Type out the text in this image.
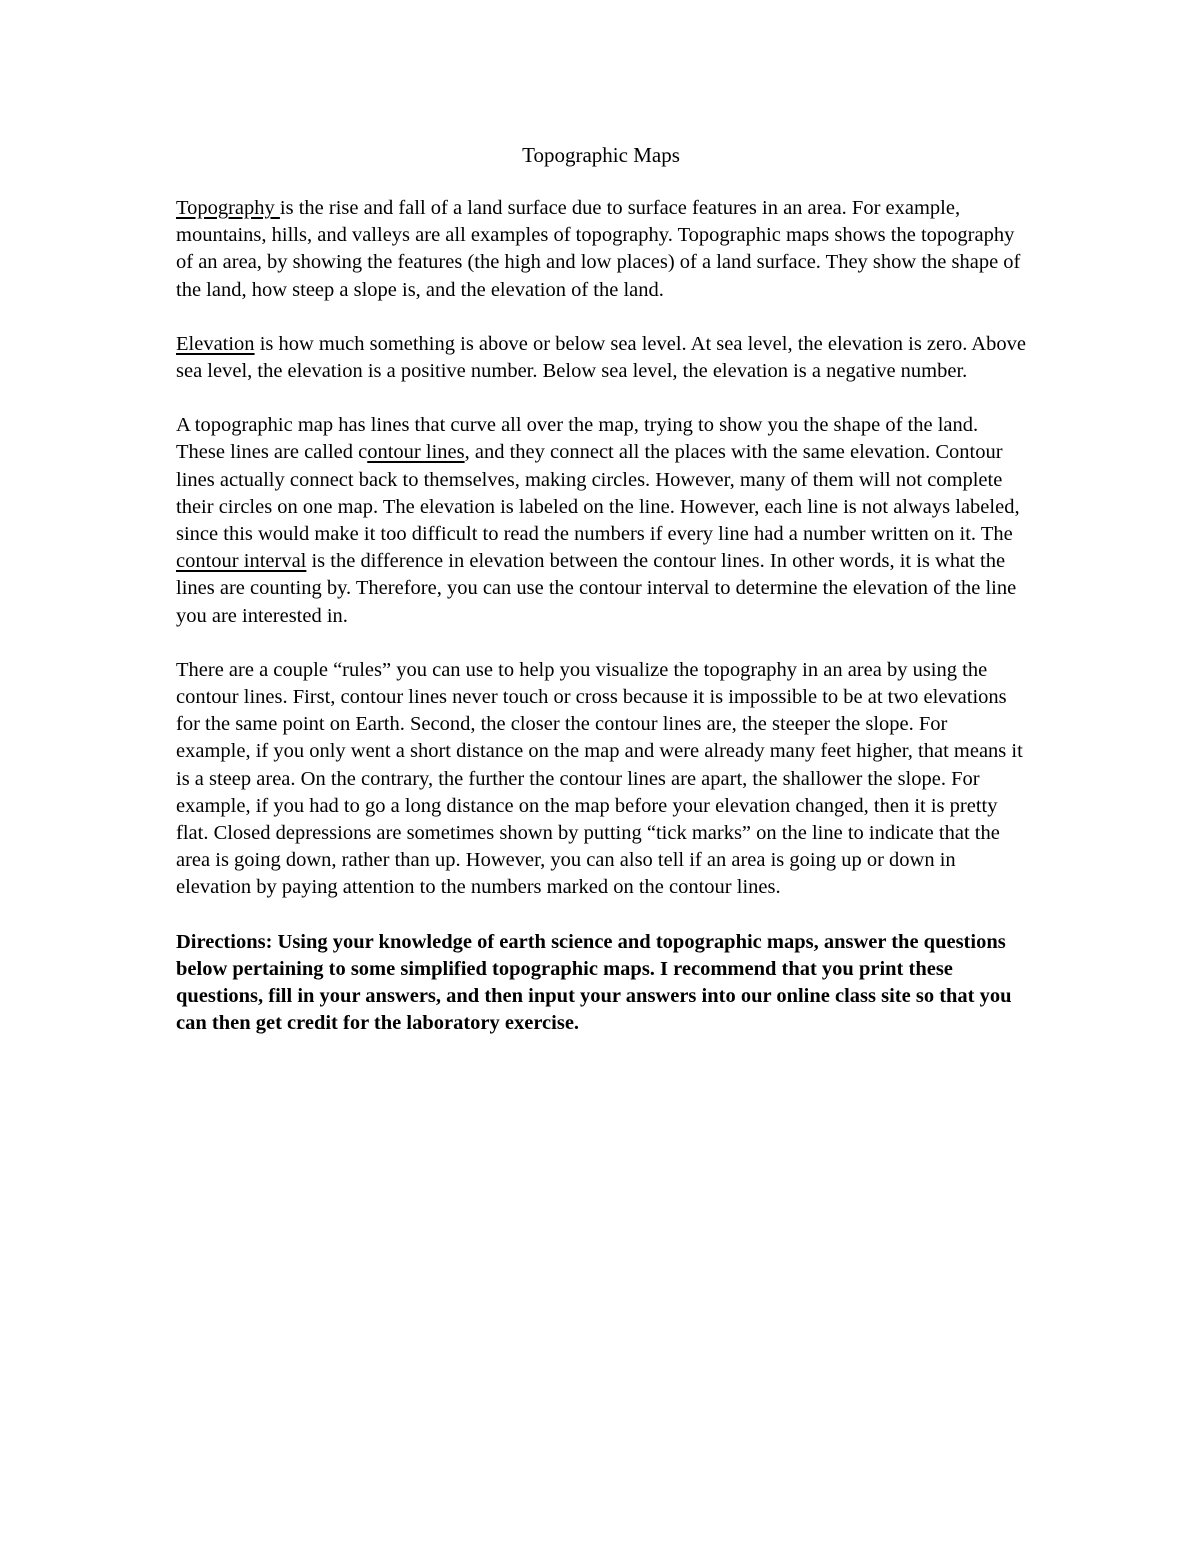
Topographic Maps

Topography is the rise and fall of a land surface due to surface features in an area. For example, mountains, hills, and valleys are all examples of topography. Topographic maps shows the topography of an area, by showing the features (the high and low places) of a land surface. They show the shape of the land, how steep a slope is, and the elevation of the land.

Elevation is how much something is above or below sea level. At sea level, the elevation is zero. Above sea level, the elevation is a positive number. Below sea level, the elevation is a negative number.

A topographic map has lines that curve all over the map, trying to show you the shape of the land. These lines are called contour lines, and they connect all the places with the same elevation. Contour lines actually connect back to themselves, making circles. However, many of them will not complete their circles on one map. The elevation is labeled on the line. However, each line is not always labeled, since this would make it too difficult to read the numbers if every line had a number written on it. The contour interval is the difference in elevation between the contour lines. In other words, it is what the lines are counting by. Therefore, you can use the contour interval to determine the elevation of the line you are interested in.

There are a couple “rules” you can use to help you visualize the topography in an area by using the contour lines. First, contour lines never touch or cross because it is impossible to be at two elevations for the same point on Earth. Second, the closer the contour lines are, the steeper the slope. For example, if you only went a short distance on the map and were already many feet higher, that means it is a steep area. On the contrary, the further the contour lines are apart, the shallower the slope. For example, if you had to go a long distance on the map before your elevation changed, then it is pretty flat. Closed depressions are sometimes shown by putting “tick marks” on the line to indicate that the area is going down, rather than up. However, you can also tell if an area is going up or down in elevation by paying attention to the numbers marked on the contour lines.

Directions: Using your knowledge of earth science and topographic maps, answer the questions below pertaining to some simplified topographic maps. I recommend that you print these questions, fill in your answers, and then input your answers into our online class site so that you can then get credit for the laboratory exercise.
